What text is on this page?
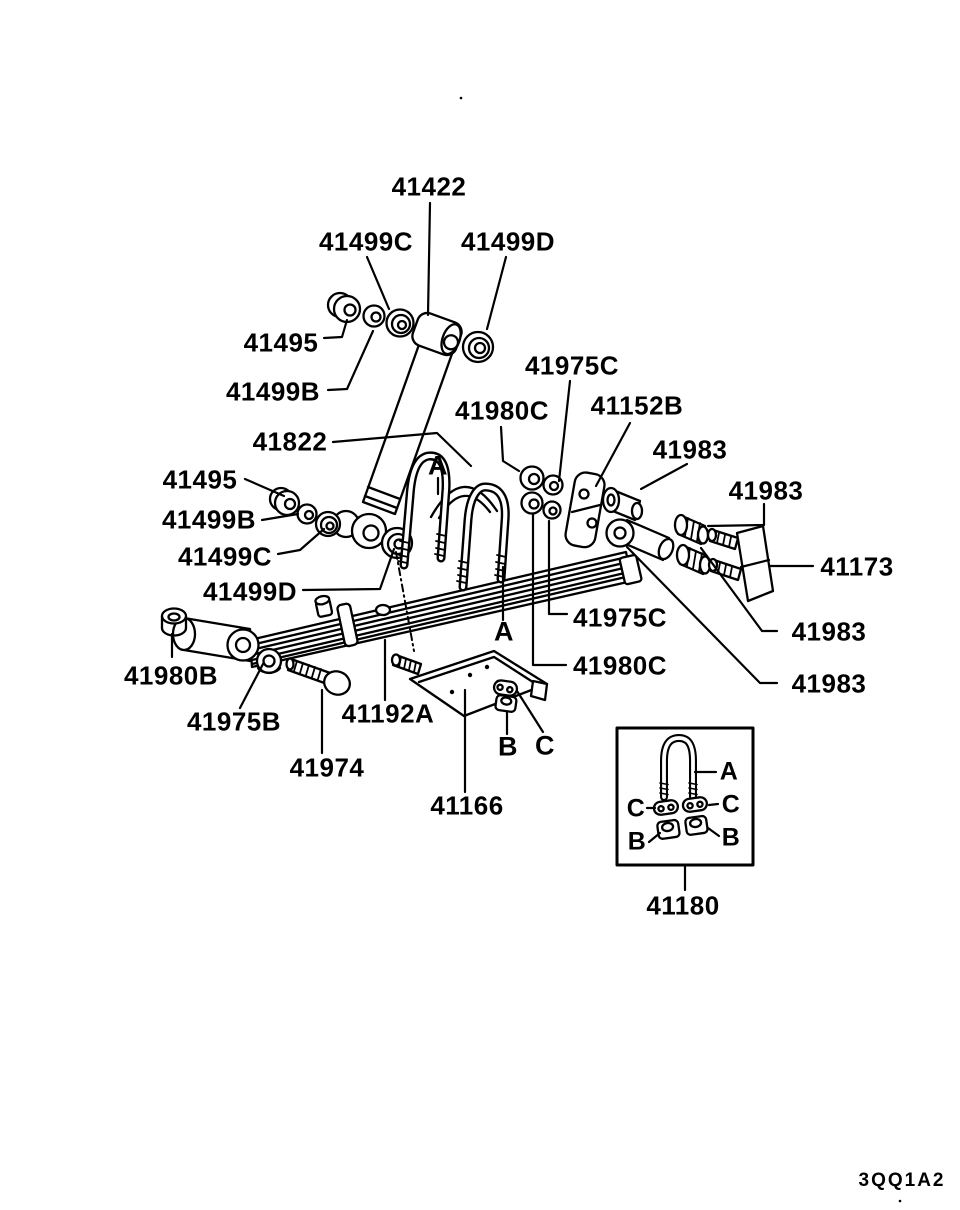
41422
41499C 41499D
41495
41499B
41822
41495
41499B
41499C
41499D
41975C
41980C 41152B
41983
41983
41173
41983
41983
41975C
41980C
41980B
41975B 41192A
41974
41166
41180
A
A
B C
A
C	C
B	B
3QQ1A2
